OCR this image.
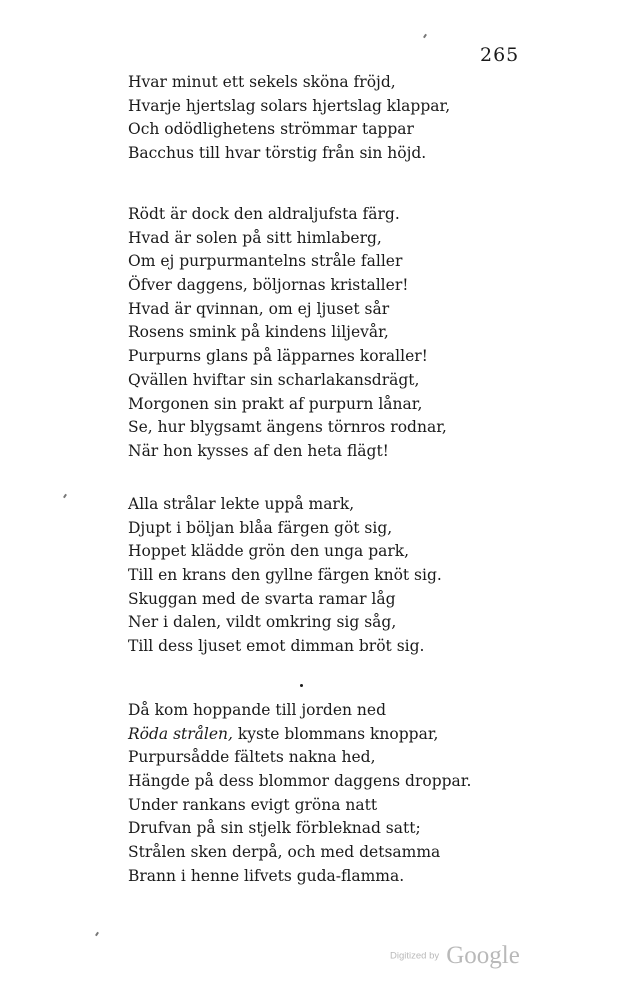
265
Hvar minut ett sekels sköna fröjd,
Hvarje hjertslag solars hjertslag klappar,
Och odödlighetens strömmar tappar
Bacchus till hvar törstig från sin höjd.
Rödt är dock den aldraljufsta färg.
Hvad är solen på sitt himlaberg,
Om ej purpurmantelns stråle faller
Öfver daggens, böljornas kristaller!
Hvad är qvinnan, om ej ljuset sår
Rosens smink på kindens liljevår,
Purpurns glans på läpparnes koraller!
Qvällen hviftar sin scharlakansdrägt,
Morgonen sin prakt af purpurn lånar,
Se, hur blygsamt ängens törnros rodnar,
När hon kysses af den heta flägt!
Alla strålar lekte uppå mark,
Djupt i böljan blåa färgen göt sig,
Hoppet klädde grön den unga park,
Till en krans den gyllne färgen knöt sig.
Skuggan med de svarta ramar låg
Ner i dalen, vildt omkring sig såg,
Till dess ljuset emot dimman bröt sig.
Då kom hoppande till jorden ned
Röda strålen, kyste blommans knoppar,
Purpursådde fältets nakna hed,
Hängde på dess blommor daggens droppar.
Under rankans evigt gröna natt
Drufvan på sin stjelk förbleknad satt;
Strålen sken derpå, och med detsamma
Brann i henne lifvets guda-flamma.
Digitized by Google
